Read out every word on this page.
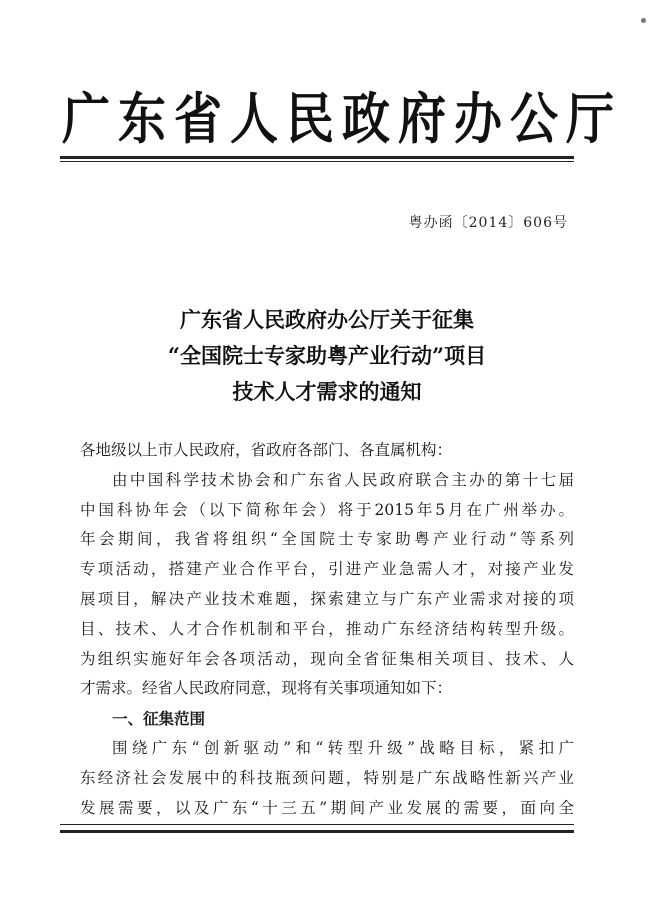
广东省人民政府办公厅
粤办函〔2014〕606号
广东省人民政府办公厅关于征集
“全国院士专家助粤产业行动”项目
技术人才需求的通知
各地级以上市人民政府，省政府各部门、各直属机构：
由中国科学技术协会和广东省人民政府联合主办的第十七届
中国科协年会（以下简称年会）将于2015年5月在广州举办。
年会期间，我省将组织“全国院士专家助粤产业行动”等系列
专项活动，搭建产业合作平台，引进产业急需人才，对接产业发
展项目，解决产业技术难题，探索建立与广东产业需求对接的项
目、技术、人才合作机制和平台，推动广东经济结构转型升级。
为组织实施好年会各项活动，现向全省征集相关项目、技术、人
才需求。经省人民政府同意，现将有关事项通知如下：
一、征集范围
围绕广东“创新驱动”和“转型升级”战略目标，紧扣广
东经济社会发展中的科技瓶颈问题，特别是广东战略性新兴产业
发展需要，以及广东“十三五”期间产业发展的需要，面向全
